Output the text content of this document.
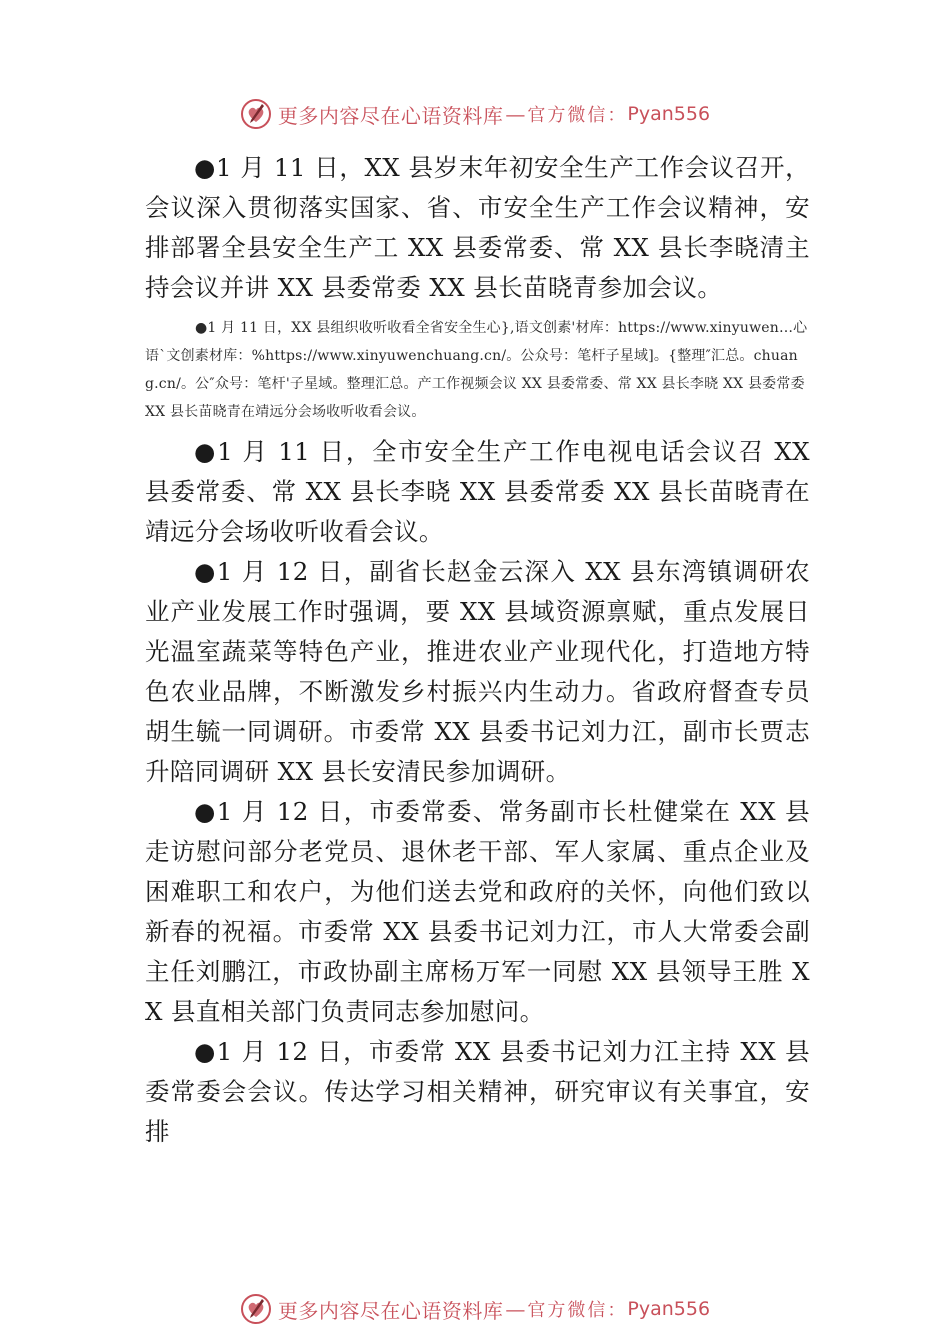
更多内容尽在心语资料库 — 官方微信： Pyan556

●1 月 11 日，XX 县岁末年初安全生产工作会议召开，会议深入贯彻落实国家、省、市安全生产工作会议精神，安排部署全县安全生产工 XX 县委常委、常 XX 县长李晓清主持会议并讲 XX 县委常委 XX 县长苗晓青参加会议。

●1 月 11 日，XX 县组织收听收看全省安全生心},语文创素'材库：https://www.xinyuwen…心语`文创素材库：%https://www.xinyuwenchuang.cn/。公众号：笔杆子星域]。{整理″汇总。chuang.cn/。公″众号：笔杆'子星域。整理汇总。产工作视频会议 XX 县委常委、常 XX 县长李晓 XX 县委常委 XX 县长苗晓青在靖远分会场收听收看会议。

●1 月 11 日，全市安全生产工作电视电话会议召 XX 县委常委、常 XX 县长李晓 XX 县委常委 XX 县长苗晓青在靖远分会场收听收看会议。

●1 月 12 日，副省长赵金云深入 XX 县东湾镇调研农业产业发展工作时强调，要 XX 县域资源禀赋，重点发展日光温室蔬菜等特色产业，推进农业产业现代化，打造地方特色农业品牌，不断激发乡村振兴内生动力。省政府督查专员胡生毓一同调研。市委常 XX 县委书记刘力江，副市长贾志升陪同调研 XX 县长安清民参加调研。

●1 月 12 日，市委常委、常务副市长杜健棠在 XX 县走访慰问部分老党员、退休老干部、军人家属、重点企业及困难职工和农户，为他们送去党和政府的关怀，向他们致以新春的祝福。市委常 XX 县委书记刘力江，市人大常委会副主任刘鹏江，市政协副主席杨万军一同慰 XX 县领导王胜 XX 县直相关部门负责同志参加慰问。

●1 月 12 日，市委常 XX 县委书记刘力江主持 XX 县委常委会会议。传达学习相关精神，研究审议有关事宜，安排

更多内容尽在心语资料库 — 官方微信： Pyan556
